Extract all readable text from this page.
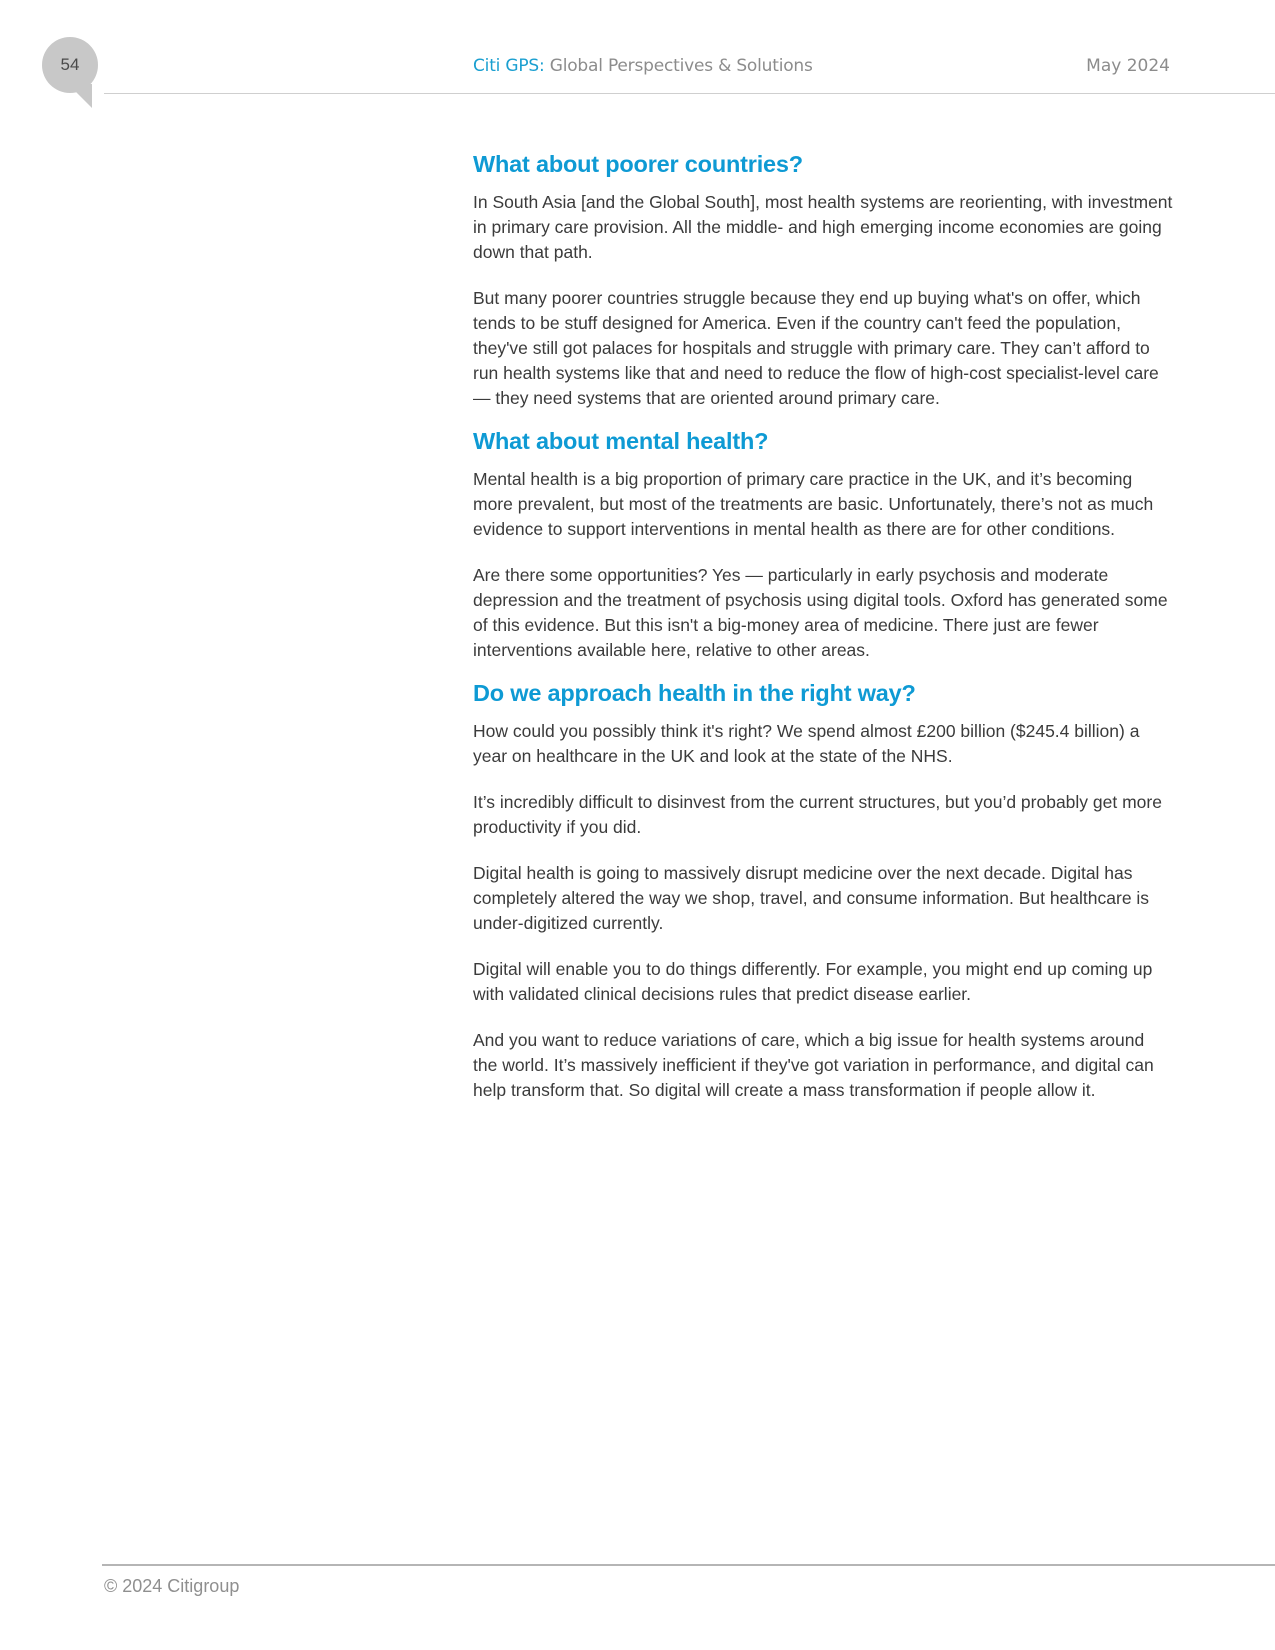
54	Citi GPS: Global Perspectives & Solutions	May 2024
What about poorer countries?

In South Asia [and the Global South], most health systems are reorienting, with investment in primary care provision. All the middle- and high emerging income economies are going down that path.

But many poorer countries struggle because they end up buying what's on offer, which tends to be stuff designed for America. Even if the country can't feed the population, they've still got palaces for hospitals and struggle with primary care. They can’t afford to run health systems like that and need to reduce the flow of high-cost specialist-level care — they need systems that are oriented around primary care.

What about mental health?

Mental health is a big proportion of primary care practice in the UK, and it’s becoming more prevalent, but most of the treatments are basic. Unfortunately, there’s not as much evidence to support interventions in mental health as there are for other conditions.

Are there some opportunities? Yes — particularly in early psychosis and moderate depression and the treatment of psychosis using digital tools. Oxford has generated some of this evidence. But this isn't a big-money area of medicine. There just are fewer interventions available here, relative to other areas.

Do we approach health in the right way?

How could you possibly think it's right? We spend almost £200 billion ($245.4 billion) a year on healthcare in the UK and look at the state of the NHS.

It’s incredibly difficult to disinvest from the current structures, but you’d probably get more productivity if you did.

Digital health is going to massively disrupt medicine over the next decade. Digital has completely altered the way we shop, travel, and consume information. But healthcare is under-digitized currently.

Digital will enable you to do things differently. For example, you might end up coming up with validated clinical decisions rules that predict disease earlier.

And you want to reduce variations of care, which a big issue for health systems around the world. It’s massively inefficient if they've got variation in performance, and digital can help transform that. So digital will create a mass transformation if people allow it.

© 2024 Citigroup
